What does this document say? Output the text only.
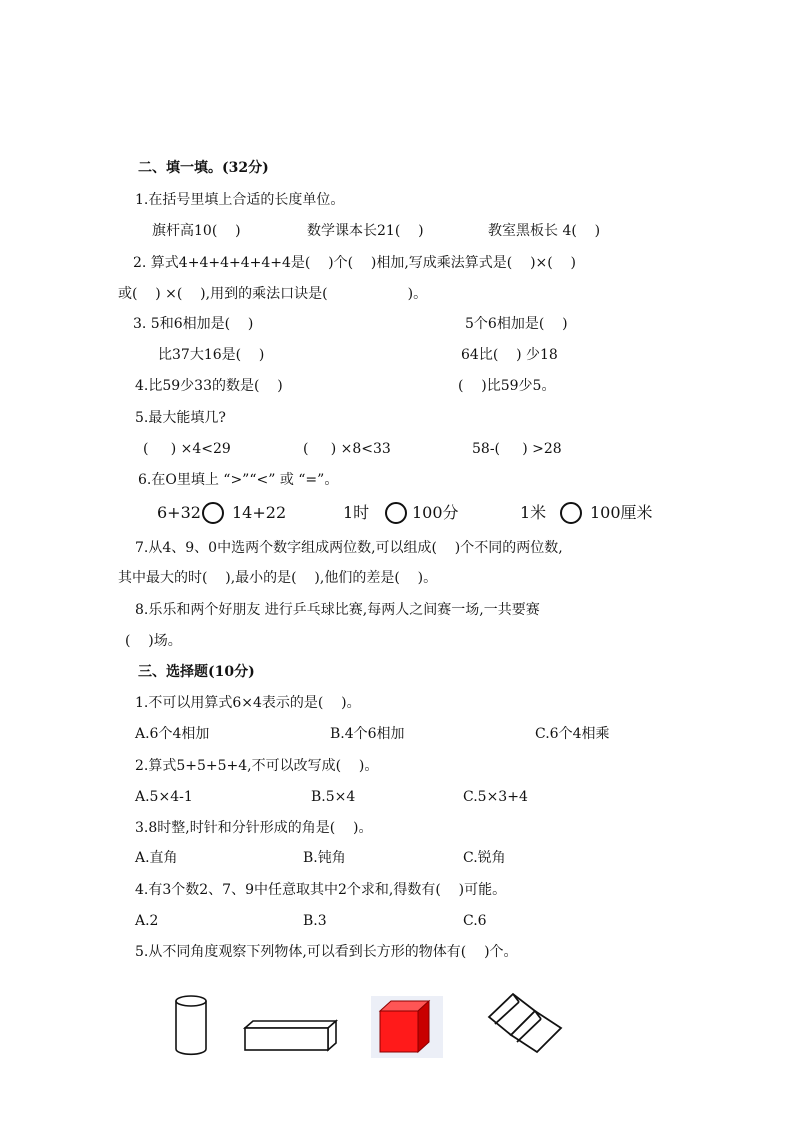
二、填一填。(32分)
1.在括号里填上合适的长度单位。
旗杆高10(    )	数学课本长21(    )	教室黑板长 4(    )
2. 算式4+4+4+4+4+4是(    )个(    )相加,写成乘法算式是(    )×(    )
或(    ) ×(    ),用到的乘法口诀是(                  )。
3. 5和6相加是(    )	5个6相加是(    )
比37大16是(    )	64比(    ) 少18
4.比59少33的数是(    )	(    )比59少5。
5.最大能填几?
(     ) ×4<29	(     ) ×8<33	58-(     ) >28
6.在O里填上 “>”“<” 或 “=”。
6+32 14+22	1时	100分	1米	100厘米
7.从4、9、0中选两个数字组成两位数,可以组成(    )个不同的两位数,
其中最大的时(    ),最小的是(    ),他们的差是(    )。
8.乐乐和两个好朋友 进行乒乓球比赛,每两人之间赛一场,一共要赛
(    )场。
三、选择题(10分)
1.不可以用算式6×4表示的是(    )。
A.6个4相加	B.4个6相加	C.6个4相乘
2.算式5+5+5+4,不可以改写成(    )。
A.5×4-1	B.5×4	C.5×3+4
3.8时整,时针和分针形成的角是(    )。
A.直角	B.钝角	C.锐角
4.有3个数2、7、9中任意取其中2个求和,得数有(    )可能。
A.2	B.3	C.6
5.从不同角度观察下列物体,可以看到长方形的物体有(    )个。
